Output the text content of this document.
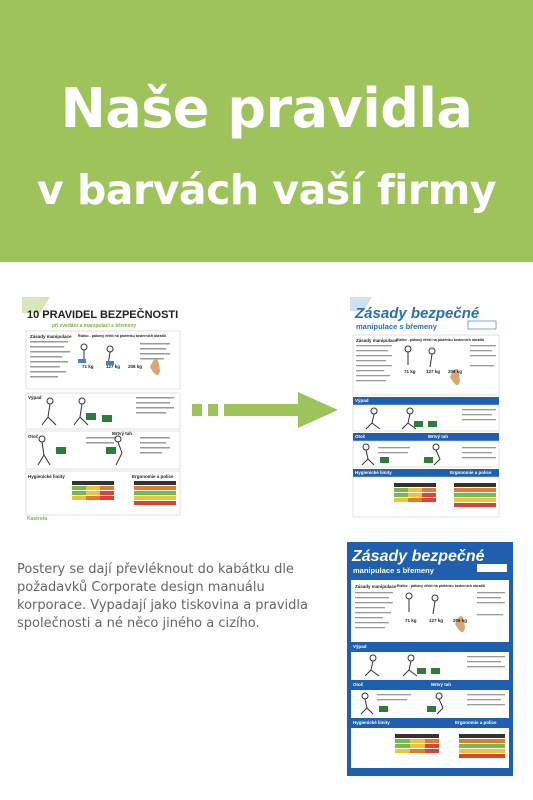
Naše pravidla
v barvách vaší firmy
10 PRAVIDEL BEZPEČNOSTI
při zvedání a manipulaci s břemeny
Zásady manipulace Riziko - pákový efekt na ploténku bederních obratlů
71 kg	127 kg 206 kg
Výpad
Otoč
Mrtvý tah
Hygienické limity	Ergonomie a police
Kastrola
Zásady bezpečné
manipulace s břemeny
Zásady manipulace
Riziko - pákový efekt na ploténku bederních obratlů
71 kg 127 kg 206 kg
Výpad
Otoč	Mrtvý tah
Hygienické limity	Ergonomie a police
Postery se dají převléknout do kabátku dle
požadavků Corporate design manuálu
korporace. Vypadají jako tiskovina a pravidla
společnosti a né něco jiného a cizího.
Zásady bezpečné
manipulace s břemeny
Zásady manipulace Riziko - pákový efekt na ploténku bederních obratlů
71 kg	127 kg 206 kg
Výpad
Otoč	Mrtvý tah
Hygienické limity	Ergonomie a police
